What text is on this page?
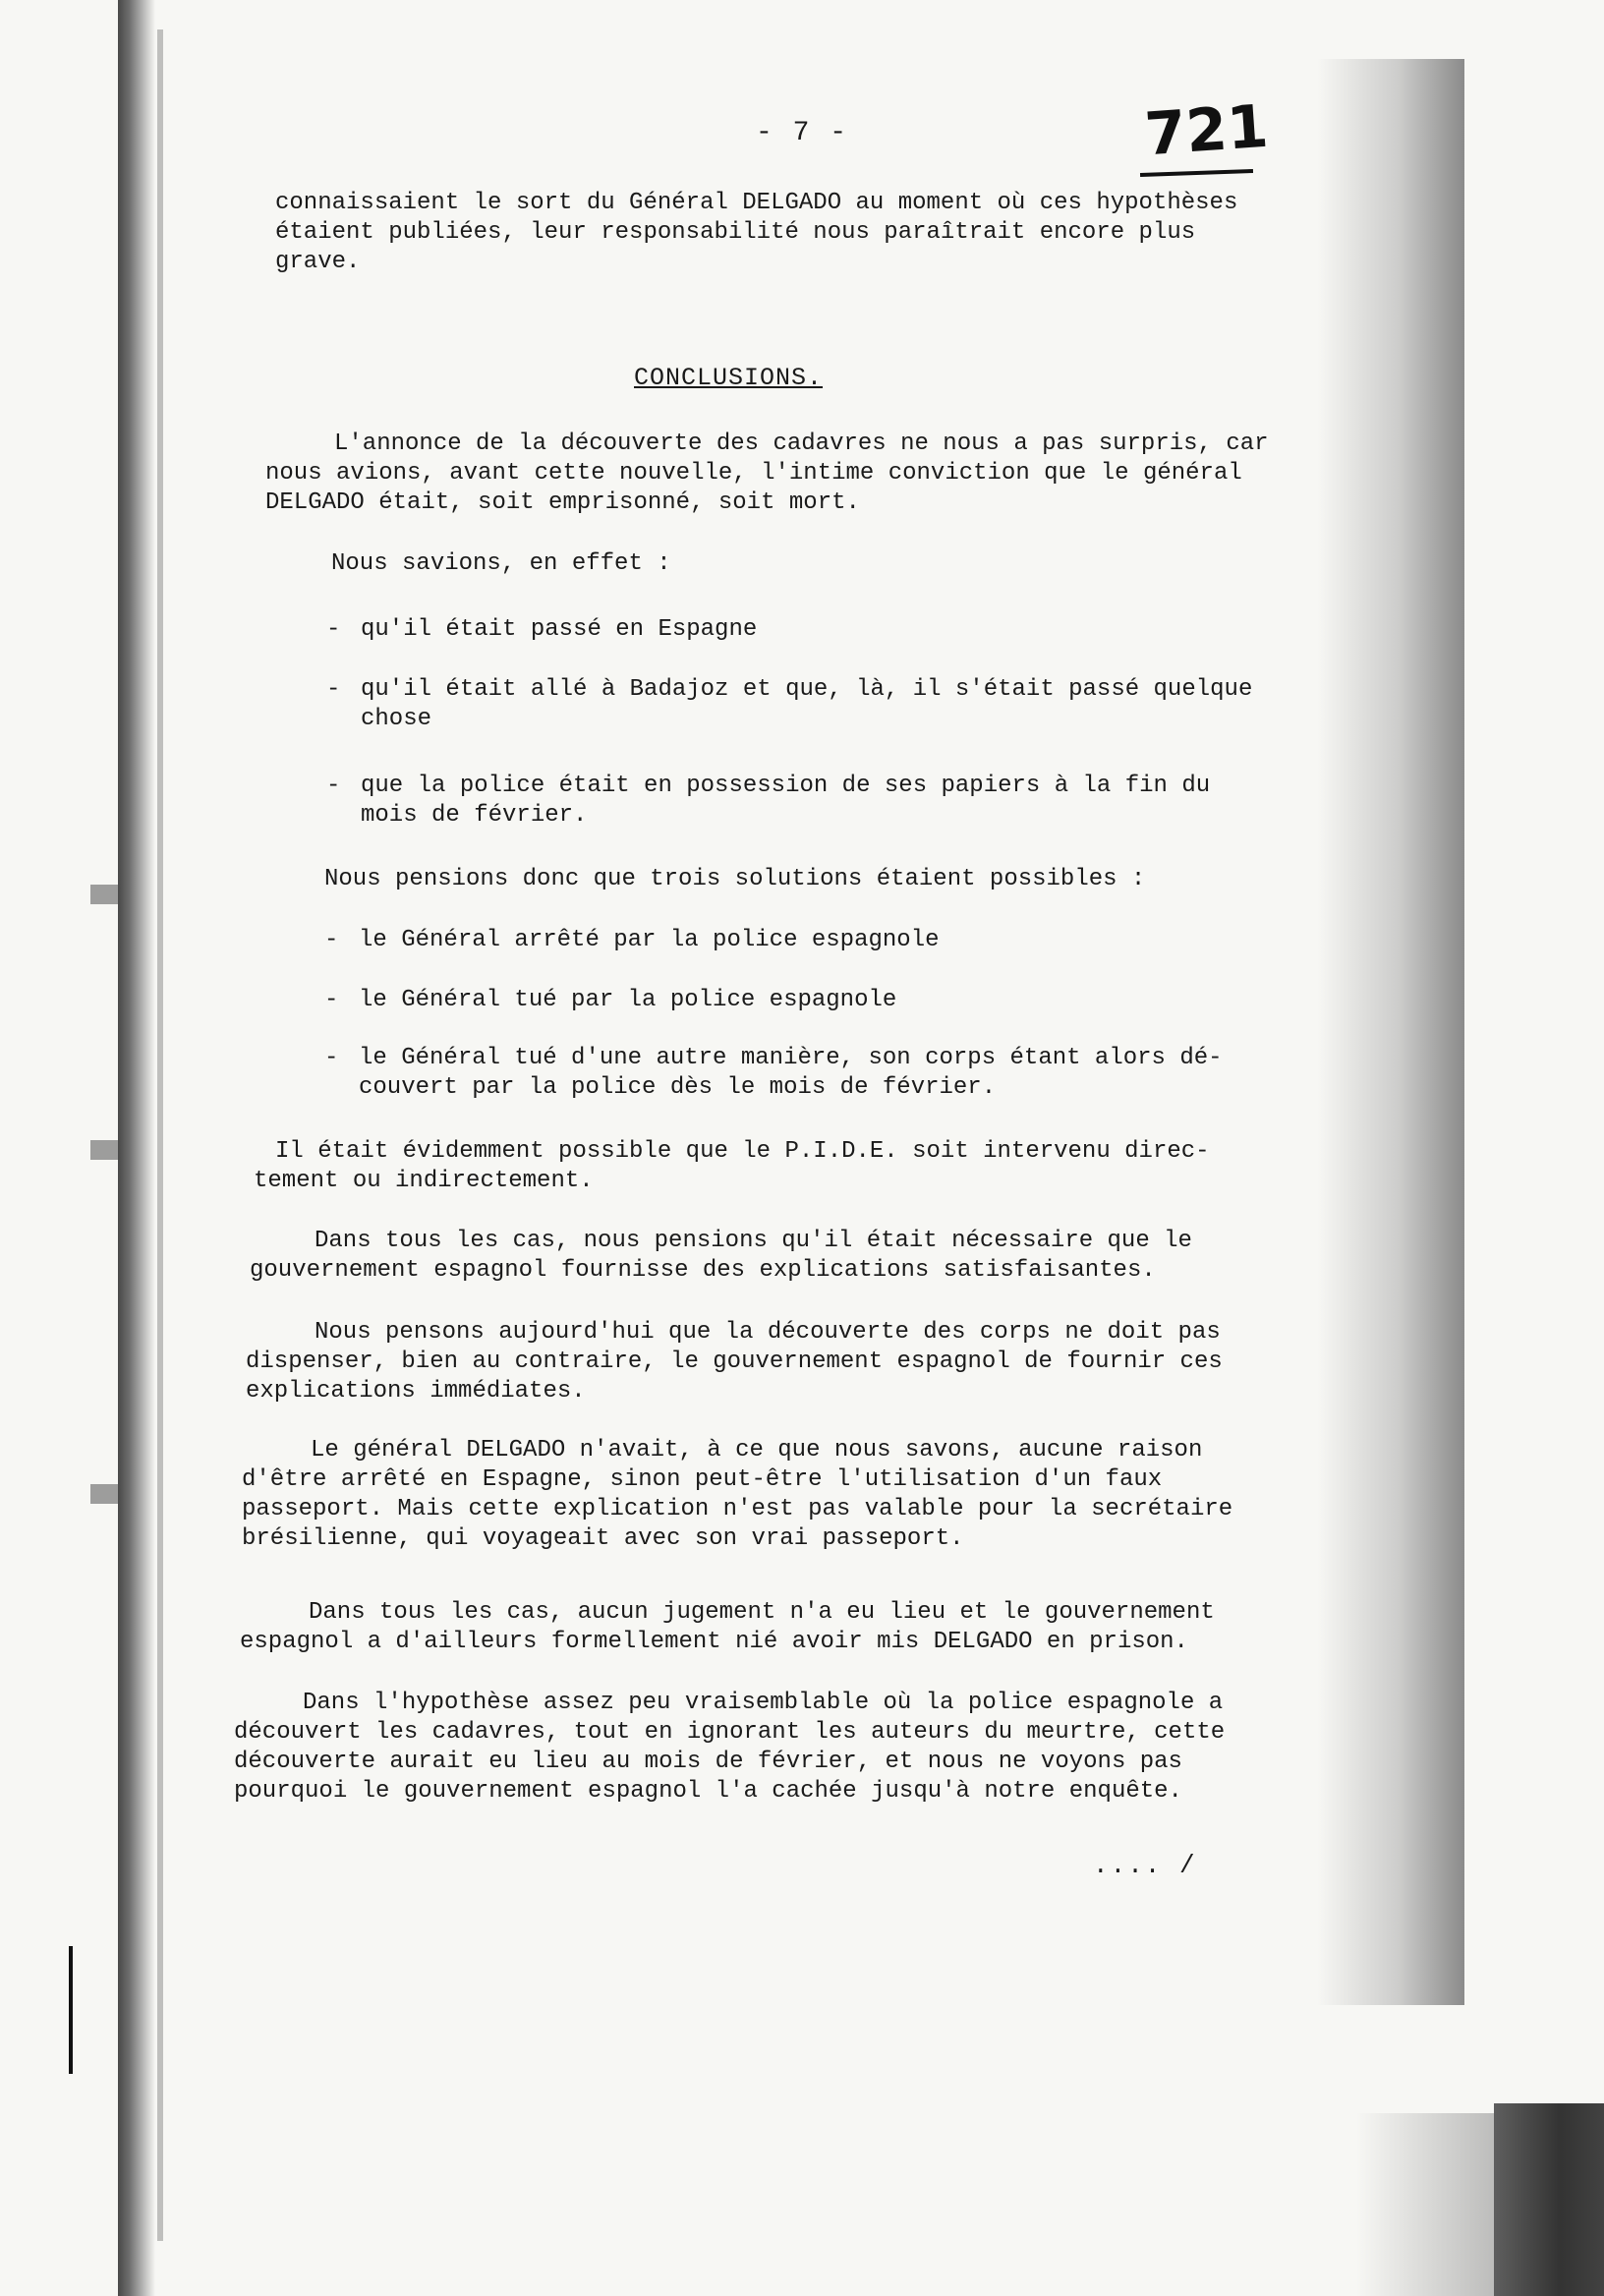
- 7 -	721
connaissaient le sort du Général DELGADO au moment où ces hypothèses
étaient publiées, leur responsabilité nous paraîtrait encore plus
grave.
CONCLUSIONS.
L'annonce de la découverte des cadavres ne nous a pas surpris, car
nous avions, avant cette nouvelle, l'intime conviction que le général
DELGADO était, soit emprisonné, soit mort.
Nous savions, en effet :
- qu'il était passé en Espagne
- qu'il était allé à Badajoz et que, là, il s'était passé quelque
chose
- que la police était en possession de ses papiers à la fin du
mois de février.
Nous pensions donc que trois solutions étaient possibles :
- le Général arrêté par la police espagnole
- le Général tué par la police espagnole
- le Général tué d'une autre manière, son corps étant alors dé-
couvert par la police dès le mois de février.
Il était évidemment possible que le P.I.D.E. soit intervenu direc-
tement ou indirectement.
Dans tous les cas, nous pensions qu'il était nécessaire que le
gouvernement espagnol fournisse des explications satisfaisantes.
Nous pensons aujourd'hui que la découverte des corps ne doit pas
dispenser, bien au contraire, le gouvernement espagnol de fournir ces
explications immédiates.
Le général DELGADO n'avait, à ce que nous savons, aucune raison
d'être arrêté en Espagne, sinon peut-être l'utilisation d'un faux
passeport. Mais cette explication n'est pas valable pour la secrétaire
brésilienne, qui voyageait avec son vrai passeport.
Dans tous les cas, aucun jugement n'a eu lieu et le gouvernement
espagnol a d'ailleurs formellement nié avoir mis DELGADO en prison.
Dans l'hypothèse assez peu vraisemblable où la police espagnole a
découvert les cadavres, tout en ignorant les auteurs du meurtre, cette
découverte aurait eu lieu au mois de février, et nous ne voyons pas
pourquoi le gouvernement espagnol l'a cachée jusqu'à notre enquête.
.... /
